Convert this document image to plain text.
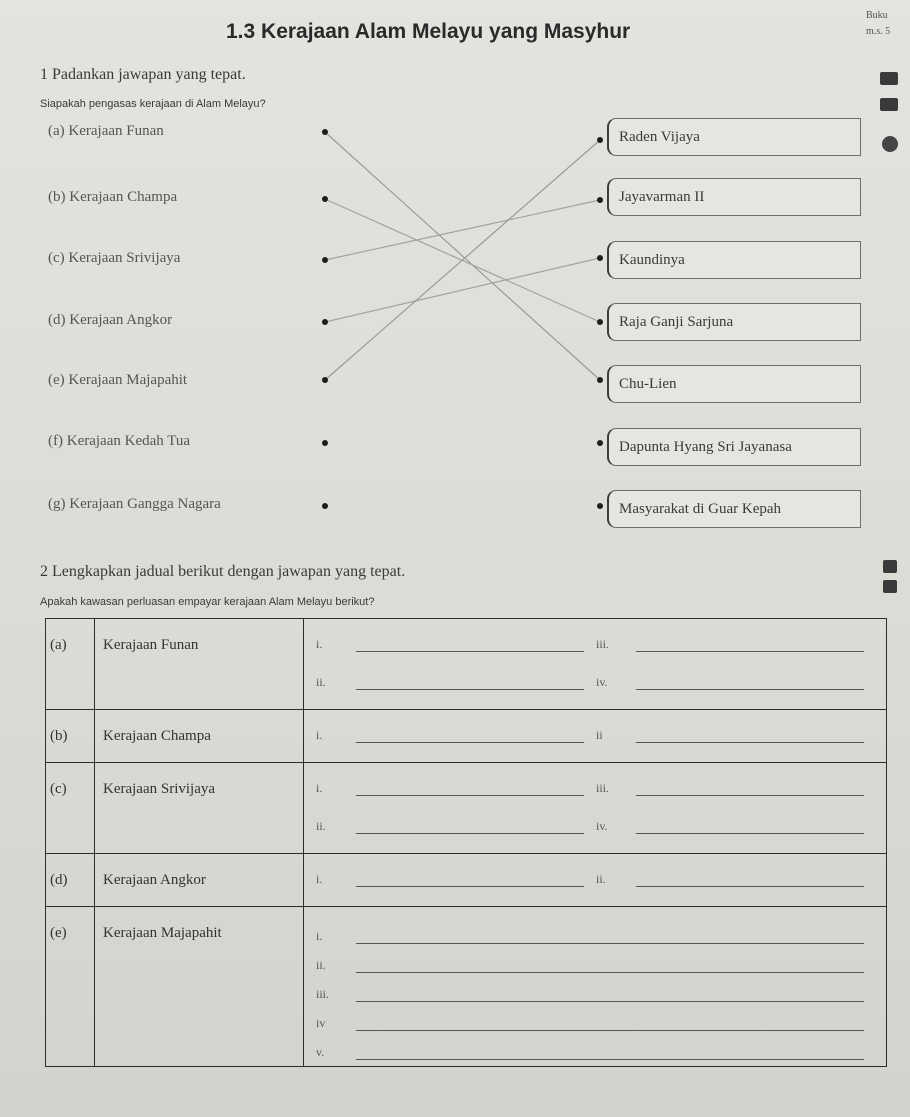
1.3 Kerajaan Alam Melayu yang Masyhur
Buku
m.s. 5
1 Padankan jawapan yang tepat.
Siapakah pengasas kerajaan di Alam Melayu?
(a) Kerajaan Funan
(b) Kerajaan Champa
(c) Kerajaan Srivijaya
(d) Kerajaan Angkor
(e) Kerajaan Majapahit
(f) Kerajaan Kedah Tua
(g) Kerajaan Gangga Nagara
Raden Vijaya
Jayavarman II
Kaundinya
Raja Ganji Sarjuna
Chu-Lien
Dapunta Hyang Sri Jayanasa
Masyarakat di Guar Kepah
2 Lengkapkan jadual berikut dengan jawapan yang tepat.
Apakah kawasan perluasan empayar kerajaan Alam Melayu berikut?
(a)	Kerajaan Funan	i. iii.
ii. iv.

(b)	Kerajaan Champa	i. ii

(c)	Kerajaan Srivijaya	i. iii.
ii. iv.

(d)	Kerajaan Angkor	i. ii.

(e)	Kerajaan Majapahit	i.
ii.
iii.
iv
v.
